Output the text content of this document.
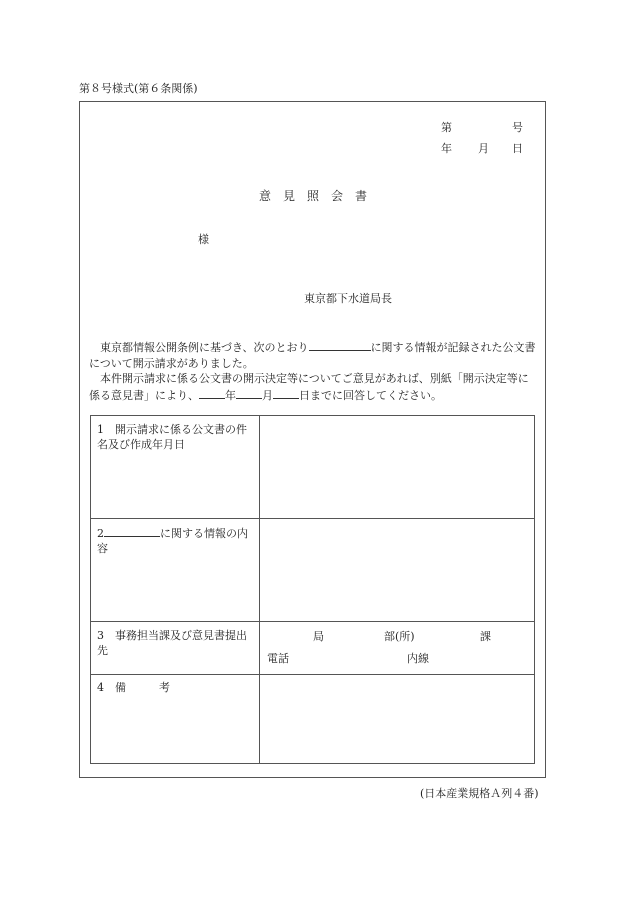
第８号様式(第６条関係)
第	号
年 月 日
意　見　照　会　書
様
東京都下水道局長
東京都情報公開条例に基づき、次のとおり	に関する情報が記録された公文書について開示請求がありました。
本件開示請求に係る公文書の開示決定等についてご意見があれば、別紙「開示決定等に係る意見書」により、 年 月 日までに回答してください。
1　開示請求に係る公文書の件名及び作成年月日
2	に関する情報の内容
3　事務担当課及び意見書提出先
局	部(所)	課
電話	内線
4　備　　　考
(日本産業規格Ａ列４番)
